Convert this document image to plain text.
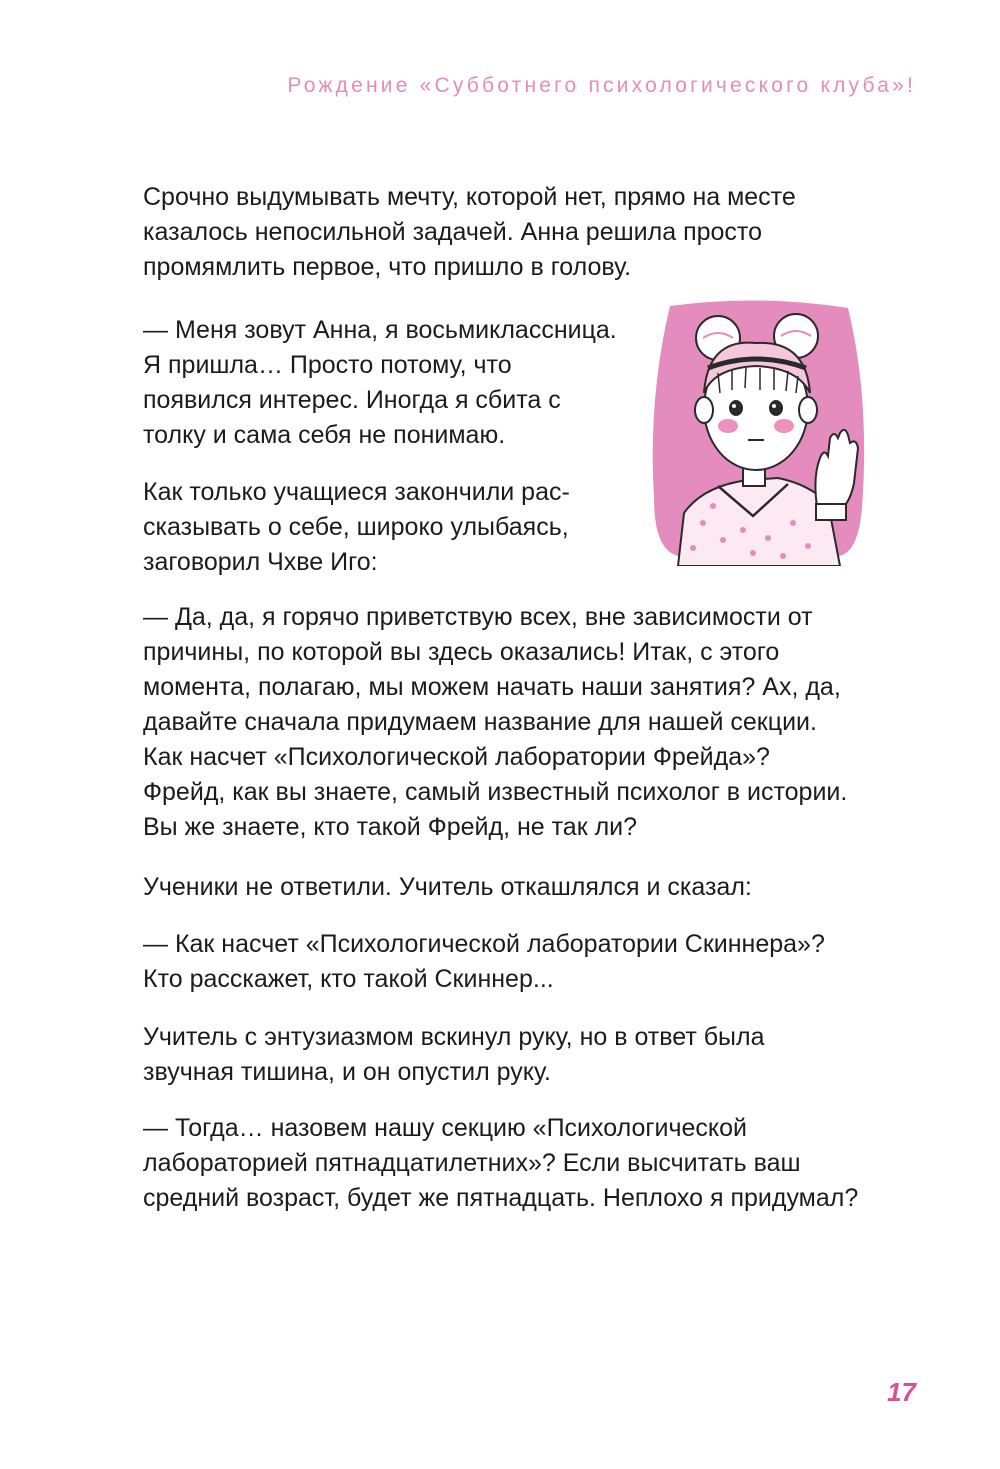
Рождение «Субботнего психологического клуба»!

Срочно выдумывать мечту, которой нет, прямо на месте казалось непосильной задачей. Анна решила просто промямлить первое, что пришло в голову.

— Меня зовут Анна, я восьмиклассница. Я пришла… Просто потому, что появился интерес. Иногда я сбита с толку и сама себя не понимаю.

Как только учащиеся закончили рассказывать о себе, широко улыбаясь, заговорил Чхве Иго:

— Да, да, я горячо приветствую всех, вне зависимости от причины, по которой вы здесь оказались! Итак, с этого момента, полагаю, мы можем начать наши занятия? Ах, да, давайте сначала придумаем название для нашей секции. Как насчет «Психологической лаборатории Фрейда»? Фрейд, как вы знаете, самый известный психолог в истории. Вы же знаете, кто такой Фрейд, не так ли?

Ученики не ответили. Учитель откашлялся и сказал:

— Как насчет «Психологической лаборатории Скиннера»? Кто расскажет, кто такой Скиннер...

Учитель с энтузиазмом вскинул руку, но в ответ была звучная тишина, и он опустил руку.

— Тогда… назовем нашу секцию «Психологической лабораторией пятнадцатилетних»? Если высчитать ваш средний возраст, будет же пятнадцать. Неплохо я придумал?

17
